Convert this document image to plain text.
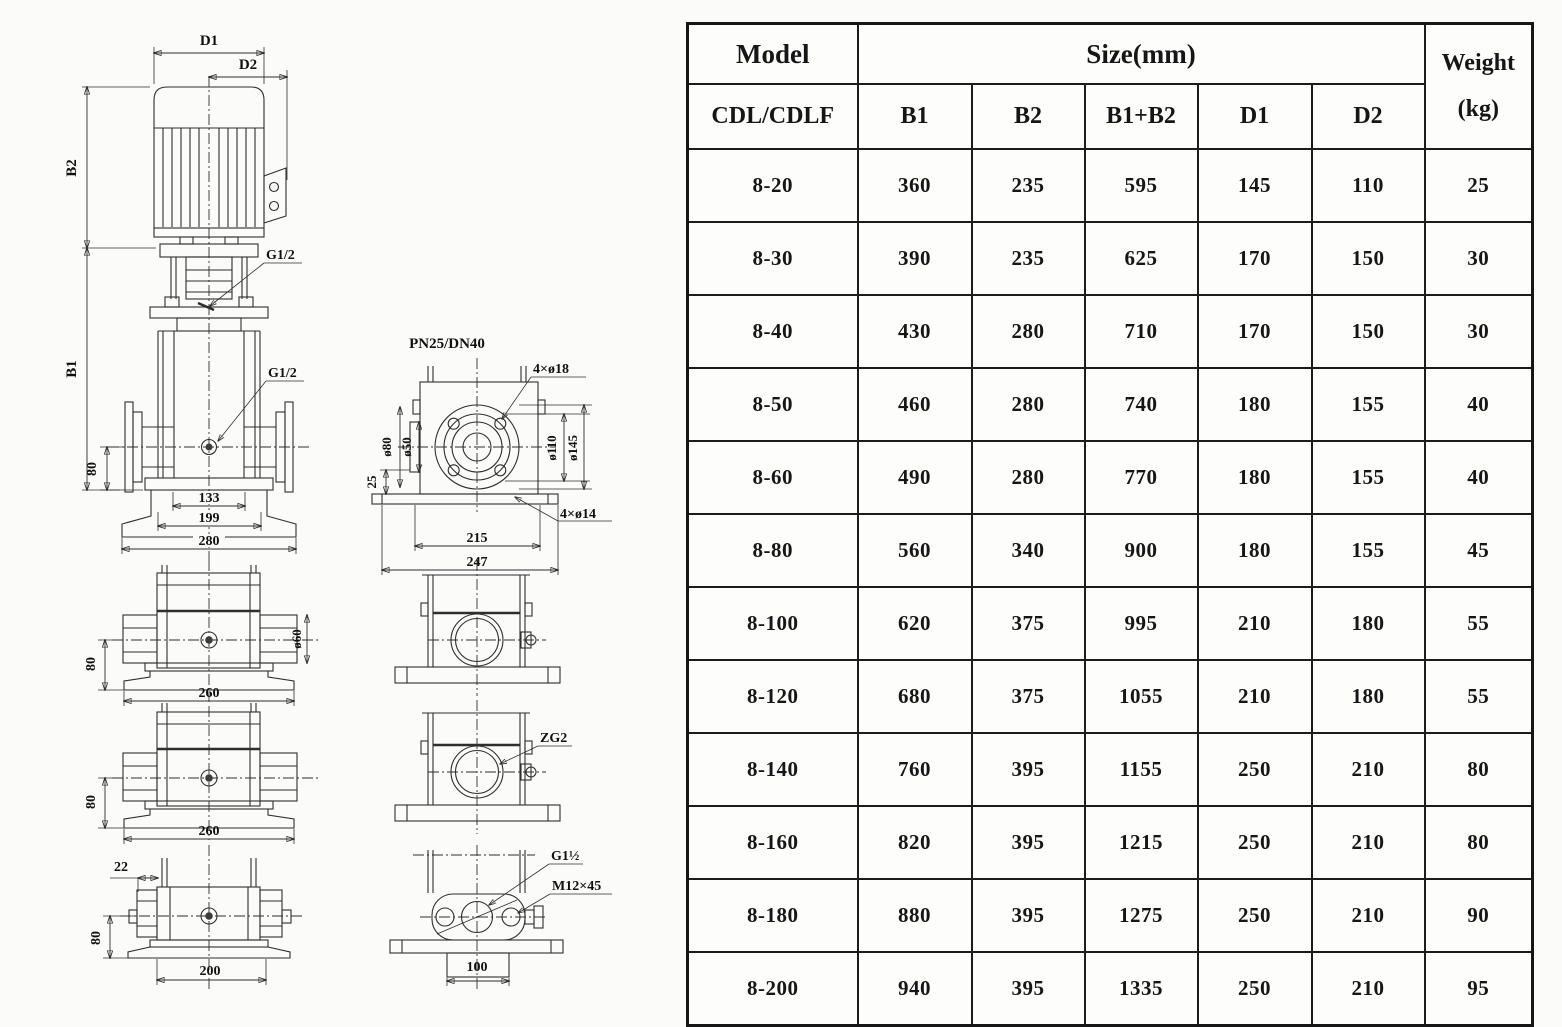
D1
D2
B2
B1
G1/2
G1/2
80
133
199
280
PN25/DN40
4×ø18
ø80 ø50	ø110 ø145
25
4×ø14
215
247
ø60
80
260
80
260
22
80
200
ZG2
G1½
M12×45
100
Model	Size(mm)					Weight
(kg)

CDL/CDLF	B1	B2	B1+B2	D1	D2	
8-20	360	235	595	145	110	25
8-30	390	235	625	170	150	30
8-40	430	280	710	170	150	30
8-50	460	280	740	180	155	40
8-60	490	280	770	180	155	40
8-80	560	340	900	180	155	45
8-100	620	375	995	210	180	55
8-120	680	375	1055	210	180	55
8-140	760	395	1155	250	210	80
8-160	820	395	1215	250	210	80
8-180	880	395	1275	250	210	90
8-200	940	395	1335	250	210	95
